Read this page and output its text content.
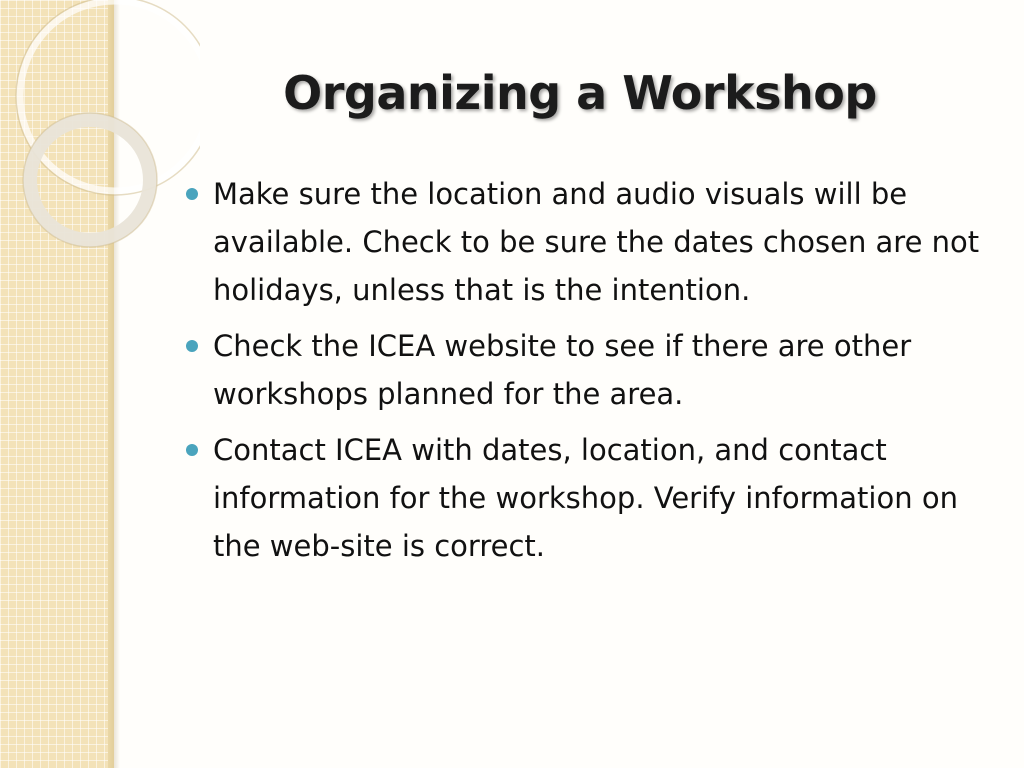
Organizing a Workshop
Make sure the location and audio visuals will be available. Check to be sure the dates chosen are not holidays, unless that is the intention.
Check the ICEA website to see if there are other workshops planned for the area.
Contact ICEA with dates, location, and contact information for the workshop. Verify information on the web-site is correct.
